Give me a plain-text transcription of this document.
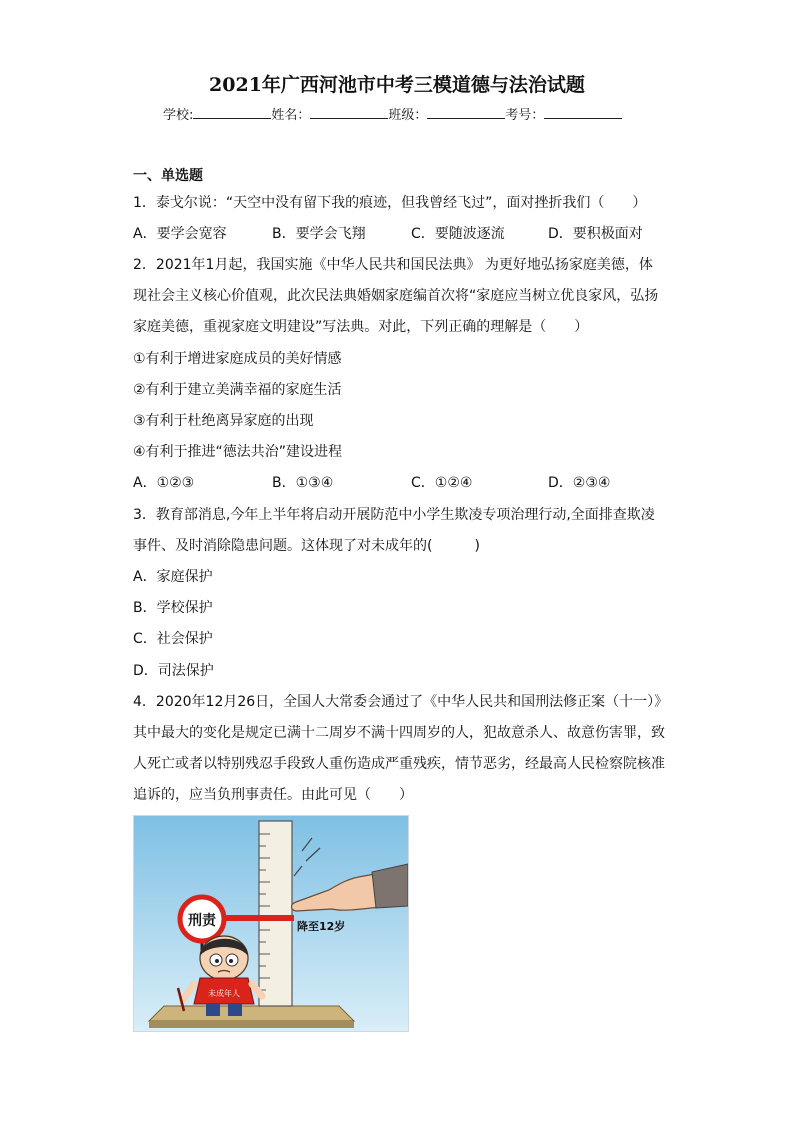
2021年广西河池市中考三模道德与法治试题
学校:	姓名：	班级：	考号：
一、单选题
1．泰戈尔说：“天空中没有留下我的痕迹，但我曾经飞过”，面对挫折我们（　　）
A．要学会宽容	B．要学会飞翔	C．要随波逐流	D．要积极面对
2．2021年1月起，我国实施《中华人民共和国民法典》 为更好地弘扬家庭美德，体
现社会主义核心价值观，此次民法典婚姻家庭编首次将“家庭应当树立优良家风，弘扬
家庭美德，重视家庭文明建设”写法典。对此，下列正确的理解是（　　）
①有利于增进家庭成员的美好情感
②有利于建立美满幸福的家庭生活
③有利于杜绝离异家庭的出现
④有利于推进“德法共治”建设进程
A．①②③	B．①③④	C．①②④	D．②③④
3．教育部消息,今年上半年将启动开展防范中小学生欺凌专项治理行动,全面排查欺凌
事件、及时消除隐患问题。这体现了对未成年的(　　　)
A．家庭保护
B．学校保护
C．社会保护
D．司法保护
4．2020年12月26日，全国人大常委会通过了《中华人民共和国刑法修正案（十一）》
其中最大的变化是规定已满十二周岁不满十四周岁的人，犯故意杀人、故意伤害罪，致
人死亡或者以特别残忍手段致人重伤造成严重残疾，情节恶劣，经最高人民检察院核准
追诉的，应当负刑事责任。由此可见（　　）
刑责	降至12岁
未成年人
